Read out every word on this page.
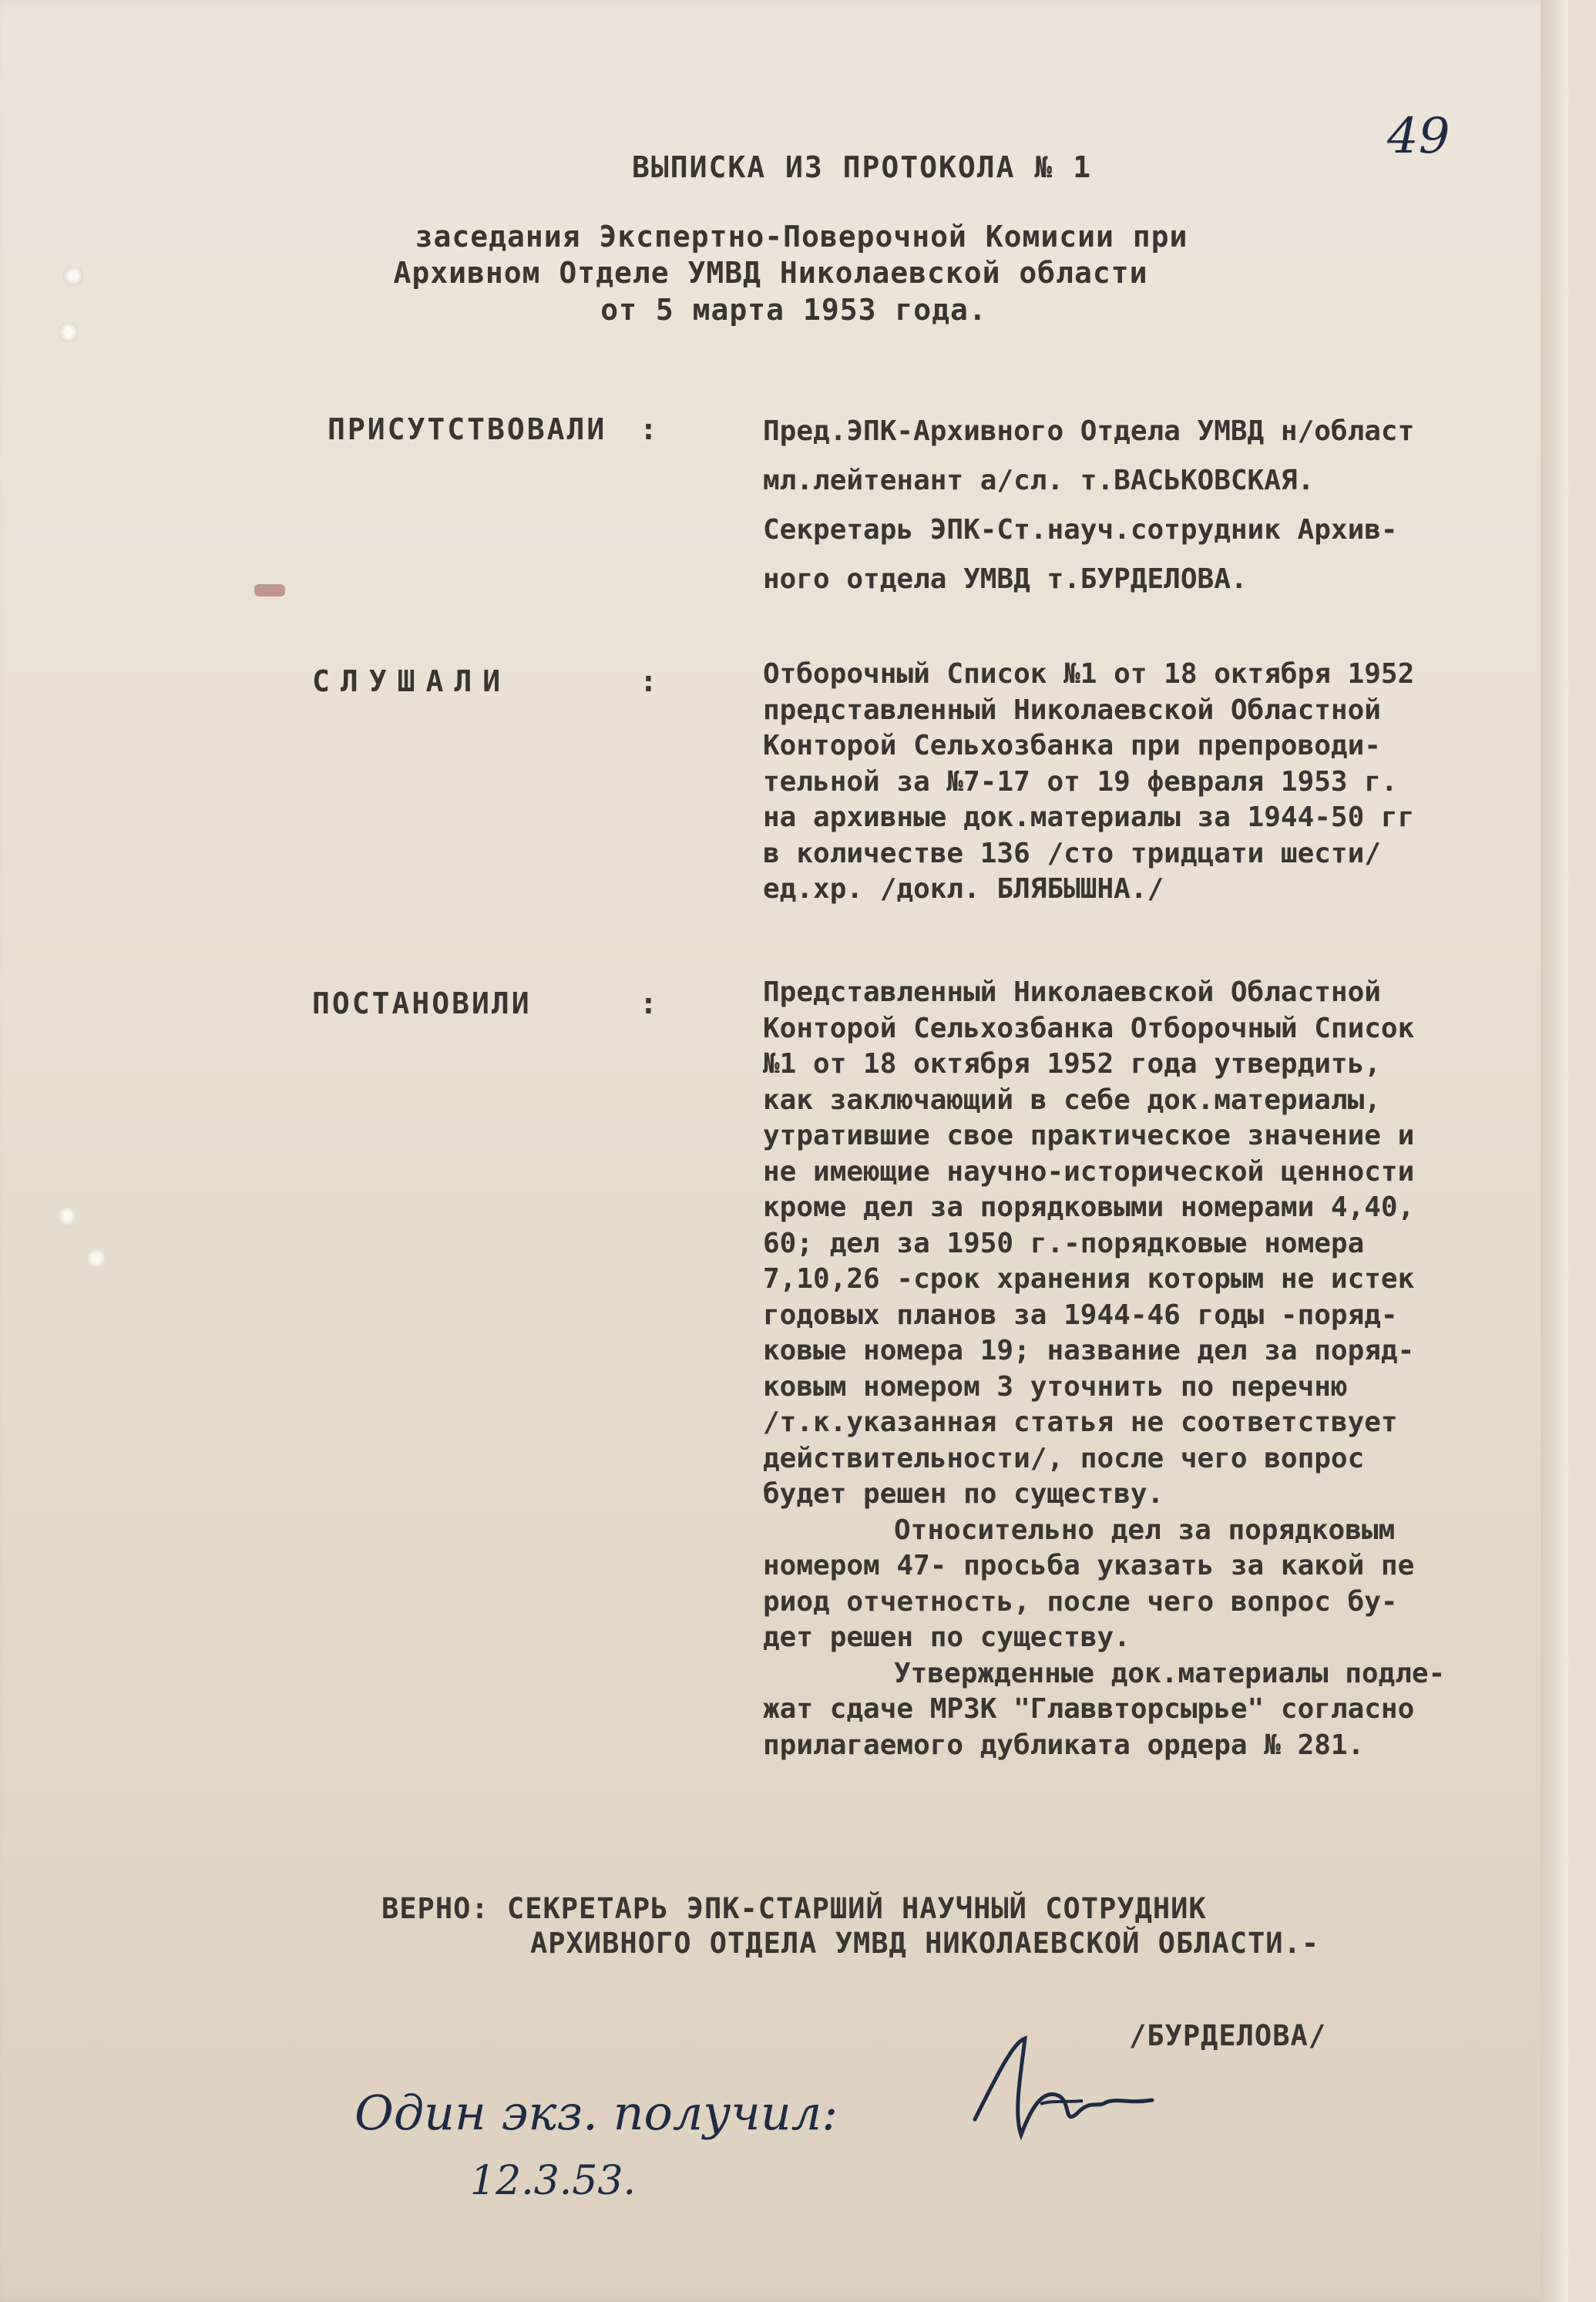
49
ВЫПИСКА ИЗ ПРОТОКОЛА № 1
заседания Экспертно-Поверочной Комисии при
Архивном Отделе УМВД Николаевской области
от 5 марта 1953 года.
ПРИСУТСТВОВАЛИ :	Пред.ЭПК-Архивного Отдела УМВД н/област
мл.лейтенант а/сл. т.ВАСЬКОВСКАЯ.
Секретарь ЭПК-Ст.науч.сотрудник Архив-
ного отдела УМВД т.БУРДЕЛОВА.
СЛУШАЛИ	:	Отборочный Список №1 от 18 октября 1952
представленный Николаевской Областной
Конторой Сельхозбанка при препроводи-
тельной за №7-17 от 19 февраля 1953 г.
на архивные док.материалы за 1944-50 гг
в количестве 136 /сто тридцати шести/
ед.хр. /докл. БЛЯБЫШНА./
ПОСТАНОВИЛИ	:	Представленный Николаевской Областной
Конторой Сельхозбанка Отборочный Список
№1 от 18 октября 1952 года утвердить,
как заключающий в себе док.материалы,
утратившие свое практическое значение и
не имеющие научно-исторической ценности
кроме дел за порядковыми номерами 4,40,
60; дел за 1950 г.-порядковые номера
7,10,26 -срок хранения которым не истек
годовых планов за 1944-46 годы -поряд-
ковые номера 19; название дел за поряд-
ковым номером 3 уточнить по перечню
/т.к.указанная статья не соответствует
действительности/, после чего вопрос
будет решен по существу.
Относительно дел за порядковым
номером 47- просьба указать за какой пе
риод отчетность, после чего вопрос бу-
дет решен по существу.
Утвержденные док.материалы подле-
жат сдаче МРЗК "Главвторсырье" согласно
прилагаемого дубликата ордера № 281.
ВЕРНО: СЕКРЕТАРЬ ЭПК-СТАРШИЙ НАУЧНЫЙ СОТРУДНИК
АРХИВНОГО ОТДЕЛА УМВД НИКОЛАЕВСКОЙ ОБЛАСТИ.-
/БУРДЕЛОВА/
Один экз. получил:
12.3.53.
